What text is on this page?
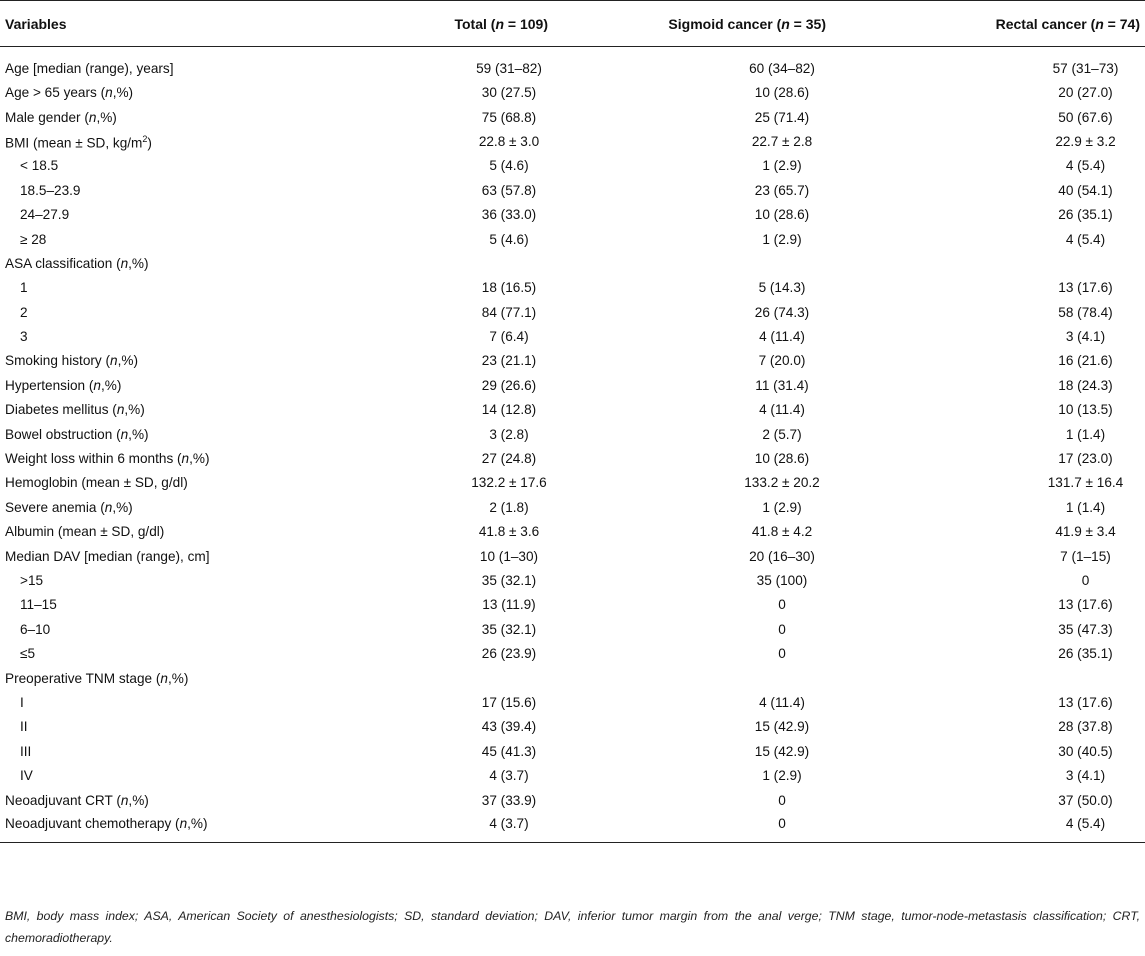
Variables	Total (n = 109)	Sigmoid cancer (n = 35)	Rectal cancer (n = 74)
Age [median (range), years]	59 (31–82)	60 (34–82)	57 (31–73)
Age > 65 years (n,%)	30 (27.5)	10 (28.6)	20 (27.0)
Male gender (n,%)	75 (68.8)	25 (71.4)	50 (67.6)
BMI (mean ± SD, $kg/m^2$)	22.8 ± 3.0	22.7 ± 2.8	22.9 ± 3.2
< 18.5	5 (4.6)	1 (2.9)	4 (5.4)
18.5–23.9	63 (57.8)	23 (65.7)	40 (54.1)
24–27.9	36 (33.0)	10 (28.6)	26 (35.1)
≥ 28	5 (4.6)	1 (2.9)	4 (5.4)
ASA classification (n,%)			
1	18 (16.5)	5 (14.3)	13 (17.6)
2	84 (77.1)	26 (74.3)	58 (78.4)
3	7 (6.4)	4 (11.4)	3 (4.1)
Smoking history (n,%)	23 (21.1)	7 (20.0)	16 (21.6)
Hypertension (n,%)	29 (26.6)	11 (31.4)	18 (24.3)
Diabetes mellitus (n,%)	14 (12.8)	4 (11.4)	10 (13.5)
Bowel obstruction (n,%)	3 (2.8)	2 (5.7)	1 (1.4)
Weight loss within 6 months (n,%)	27 (24.8)	10 (28.6)	17 (23.0)
Hemoglobin (mean ± SD, g/dl)	132.2 ± 17.6	133.2 ± 20.2	131.7 ± 16.4
Severe anemia (n,%)	2 (1.8)	1 (2.9)	1 (1.4)
Albumin (mean ± SD, g/dl)	41.8 ± 3.6	41.8 ± 4.2	41.9 ± 3.4
Median DAV [median (range), cm]	10 (1–30)	20 (16–30)	7 (1–15)
>15	35 (32.1)	35 (100)	0
11–15	13 (11.9)	0	13 (17.6)
6–10	35 (32.1)	0	35 (47.3)
≤5	26 (23.9)	0	26 (35.1)
Preoperative TNM stage (n,%)			
I	17 (15.6)	4 (11.4)	13 (17.6)
II	43 (39.4)	15 (42.9)	28 (37.8)
III	45 (41.3)	15 (42.9)	30 (40.5)
IV	4 (3.7)	1 (2.9)	3 (4.1)
Neoadjuvant CRT (n,%)	37 (33.9)	0	37 (50.0)
Neoadjuvant chemotherapy (n,%)	4 (3.7)	0	4 (5.4)
BMI, body mass index; ASA, American Society of anesthesiologists; SD, standard deviation; DAV, inferior tumor margin from the anal verge; TNM stage, tumor-node-metastasis classification; CRT, chemoradiotherapy.
